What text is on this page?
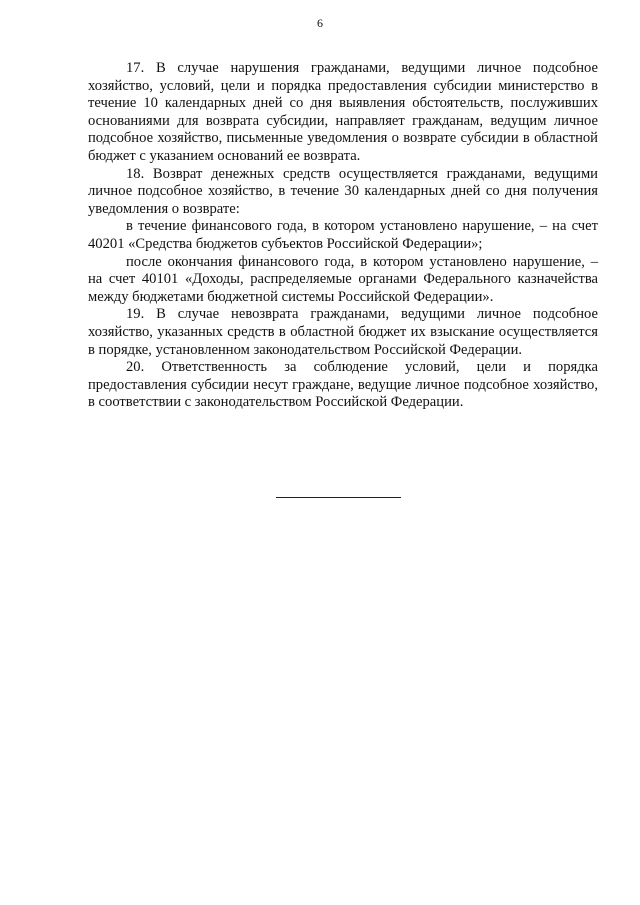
6

17. В случае нарушения гражданами, ведущими личное подсобное хозяйство, условий, цели и порядка предоставления субсидии министерство в течение 10 календарных дней со дня выявления обстоятельств, послуживших основаниями для возврата субсидии, направляет гражданам, ведущим личное подсобное хозяйство, письменные уведомления о возврате субсидии в областной бюджет с указанием оснований ее возврата.

18. Возврат денежных средств осуществляется гражданами, ведущими личное подсобное хозяйство, в течение 30 календарных дней со дня получения уведомления о возврате:

в течение финансового года, в котором установлено нарушение, – на счет 40201 «Средства бюджетов субъектов Российской Федерации»;

после окончания финансового года, в котором установлено нарушение, – на счет 40101 «Доходы, распределяемые органами Федерального казначейства между бюджетами бюджетной системы Российской Федерации».

19. В случае невозврата гражданами, ведущими личное подсобное хозяйство, указанных средств в областной бюджет их взыскание осуществляется в порядке, установленном законодательством Российской Федерации.

20. Ответственность за соблюдение условий, цели и порядка предоставления субсидии несут граждане, ведущие личное подсобное хозяйство, в соответствии с законодательством Российской Федерации.
